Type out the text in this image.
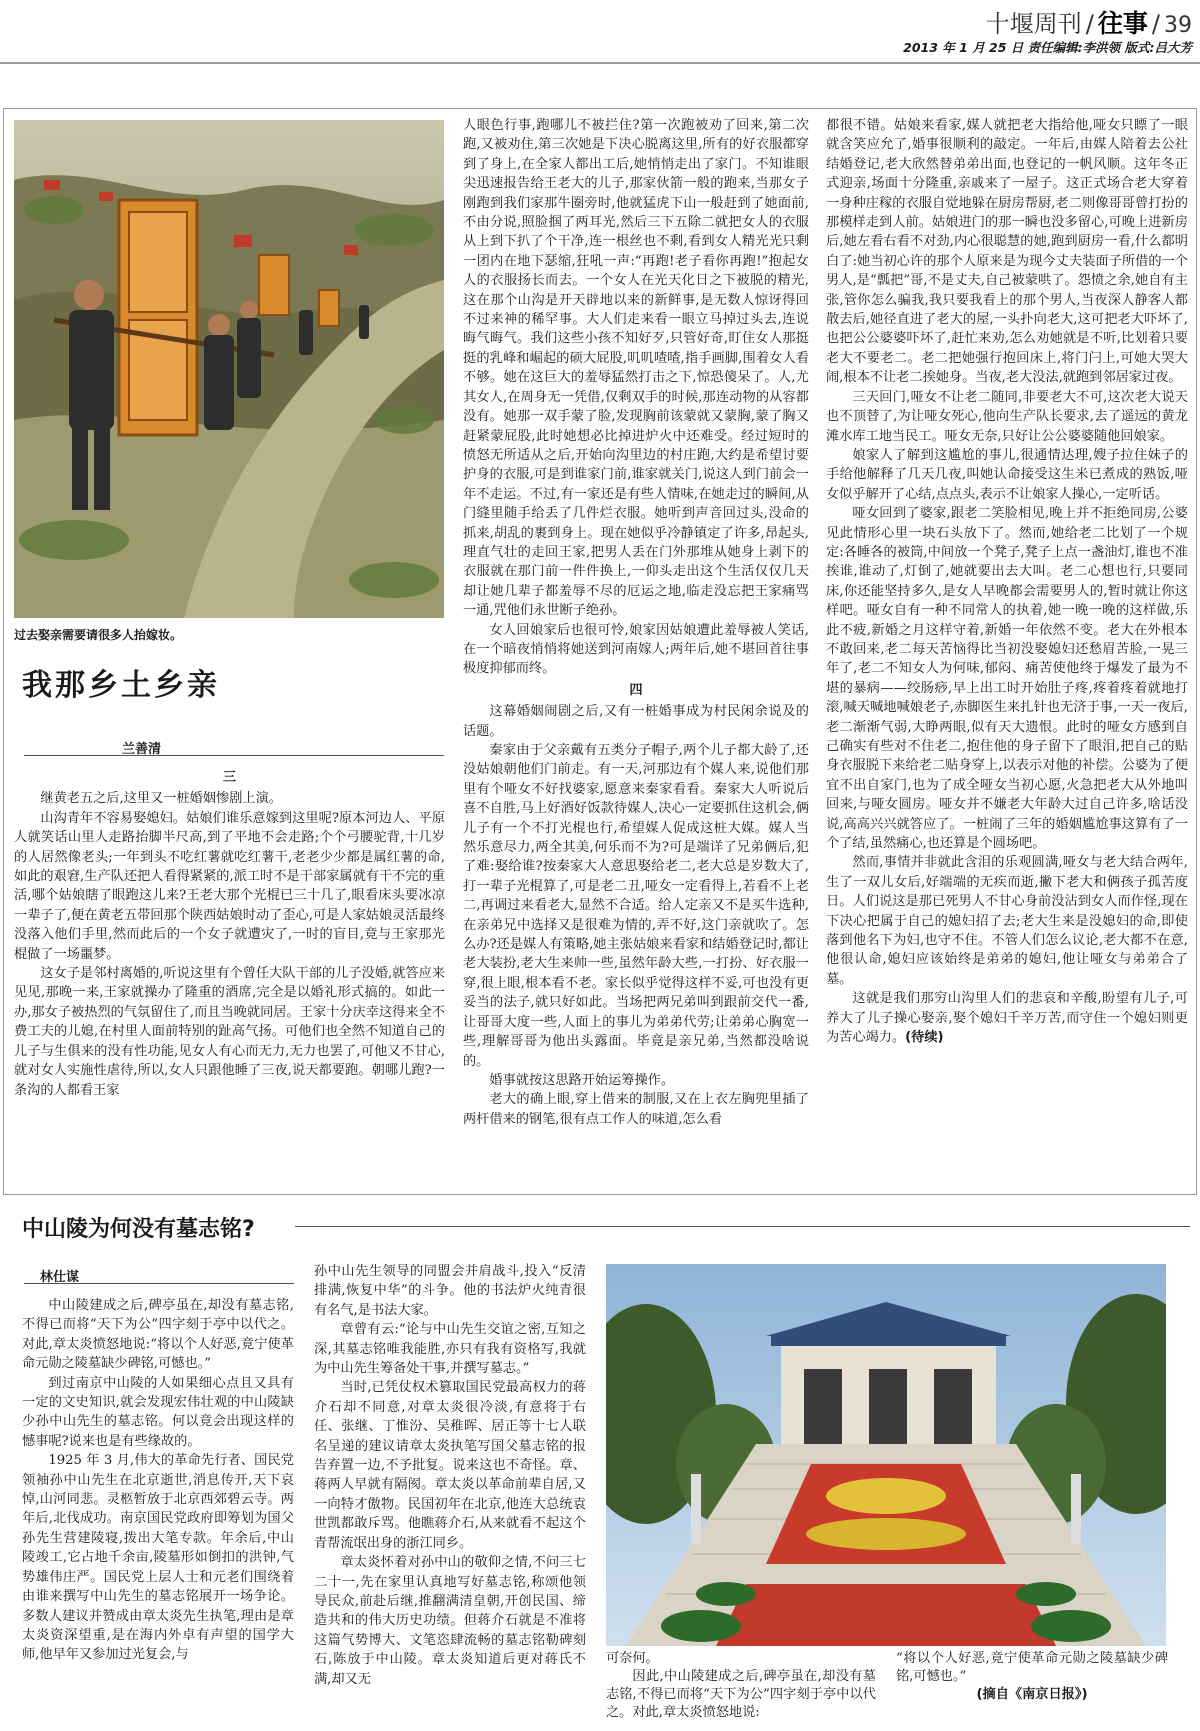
十堰周刊 / 往事 / 39
2013 年 1 月 25 日 责任编辑:李洪领 版式:吕大芳
过去娶亲需要请很多人抬嫁妆。
我那乡土乡亲
兰善清
三

继黄老五之后,这里又一桩婚姻惨剧上演。

山沟青年不容易娶媳妇。姑娘们谁乐意嫁到这里呢?原本河边人、平原人就笑话山里人走路抬脚半尺高,到了平地不会走路;个个弓腰驼背,十几岁的人居然像老头;一年到头不吃红薯就吃红薯干,老老少少都是属红薯的命,如此的艰窘,生产队还把人看得紧紧的,派工时不是干部家属就有干不完的重活,哪个姑娘瞎了眼跑这儿来?王老大那个光棍已三十几了,眼看床头要冰凉一辈子了,便在黄老五带回那个陕西姑娘时动了歪心,可是人家姑娘灵活最终没落入他们手里,然而此后的一个女子就遭灾了,一时的盲目,竟与王家那光棍做了一场噩梦。

这女子是邻村离婚的,听说这里有个曾任大队干部的儿子没婚,就答应来见见,那晚一来,王家就操办了隆重的酒席,完全是以婚礼形式搞的。如此一办,那女子被热烈的气氛留住了,而且当晚就同居。王家十分庆幸这得来全不费工夫的儿媳,在村里人面前特别的趾高气扬。可他们也全然不知道自己的儿子与生俱来的没有性功能,见女人有心而无力,无力也罢了,可他又不甘心,就对女人实施性虐待,所以,女人只跟他睡了三夜,说天都要跑。朝哪儿跑?一条沟的人都看王家

人眼色行事,跑哪儿不被拦住?第一次跑被劝了回来,第二次跑,又被劝住,第三次她是下决心脱离这里,所有的好衣服都穿到了身上,在全家人都出工后,她悄悄走出了家门。不知谁眼尖迅速报告给王老大的儿子,那家伙箭一般的跑来,当那女子刚跑到我们家那牛圈旁时,他就猛虎下山一般赶到了她面前,不由分说,照脸掴了两耳光,然后三下五除二就把女人的衣服从上到下扒了个干净,连一根丝也不剩,看到女人精光光只剩一团内在地下瑟缩,狂吼一声:“再跑!老子看你再跑!”抱起女人的衣服扬长而去。一个女人在光天化日之下被脱的精光,这在那个山沟是开天辟地以来的新鲜事,是无数人惊讶得回不过来神的稀罕事。大人们走来看一眼立马掉过头去,连说晦气晦气。我们这些小孩不知好歹,只管好奇,盯住女人那挺挺的乳峰和崛起的硕大屁股,叽叽喳喳,指手画脚,围着女人看不够。她在这巨大的羞辱猛然打击之下,惊恐傻呆了。人,尤其女人,在周身无一凭借,仅剩双手的时候,那连动物的从容都没有。她那一双手蒙了脸,发现胸前该蒙就又蒙胸,蒙了胸又赶紧蒙屁股,此时她想必比掉进炉火中还难受。经过短时的愤怒无所适从之后,开始向沟里边的村庄跑,大约是希望讨要护身的衣服,可是到谁家门前,谁家就关门,说这人到门前会一年不走运。不过,有一家还是有些人情味,在她走过的瞬间,从门缝里随手给丢了几件烂衣服。她听到声音回过头,没命的抓来,胡乱的裹到身上。现在她似乎冷静镇定了许多,昂起头,理直气壮的走回王家,把男人丢在门外那堆从她身上剥下的衣服就在那门前一件件换上,一仰头走出这个生活仅仅几天却让她几辈子都羞辱不尽的厄运之地,临走没忘把王家痛骂一通,咒他们永世断子绝孙。

女人回娘家后也很可怜,娘家因姑娘遭此羞辱被人笑话,在一个暗夜悄悄将她送到河南嫁人;两年后,她不堪回首往事极度抑郁而终。

四

这幕婚姻闹剧之后,又有一桩婚事成为村民闲余说及的话题。

秦家由于父亲戴有五类分子帽子,两个儿子都大龄了,还没姑娘朝他们门前走。有一天,河那边有个媒人来,说他们那里有个哑女不好找婆家,愿意来秦家看看。秦家大人听说后喜不自胜,马上好酒好饭款待媒人,决心一定要抓住这机会,俩儿子有一个不打光棍也行,希望媒人促成这桩大媒。媒人当然乐意尽力,两全其美,何乐而不为?可是端详了兄弟俩后,犯了难:娶给谁?按秦家大人意思娶给老二,老大总是岁数大了,打一辈子光棍算了,可是老二丑,哑女一定看得上,若看不上老二,再调过来看老大,显然不合适。给人定亲又不是买牛选种,在亲弟兄中选择又是很难为情的,弄不好,这门亲就吹了。怎么办?还是媒人有策略,她主张姑娘来看家和结婚登记时,都让老大装扮,老大生来帅一些,虽然年龄大些,一打扮、好衣服一穿,很上眼,根本看不老。家长似乎觉得这样不妥,可也没有更妥当的法子,就只好如此。当场把两兄弟叫到跟前交代一番,让哥哥大度一些,人面上的事儿为弟弟代劳;让弟弟心胸宽一些,理解哥哥为他出头露面。毕竟是亲兄弟,当然都没啥说的。

婚事就按这思路开始运筹操作。

老大的确上眼,穿上借来的制服,又在上衣左胸兜里插了两杆借来的钢笔,很有点工作人的味道,怎么看

都很不错。姑娘来看家,媒人就把老大指给他,哑女只瞟了一眼就含笑应允了,婚事很顺利的敲定。一年后,由媒人陪着去公社结婚登记,老大欣然替弟弟出面,也登记的一帆风顺。这年冬正式迎亲,场面十分隆重,亲戚来了一屋子。这正式场合老大穿着一身种庄稼的衣服自觉地躲在厨房帮厨,老二则像哥哥曾打扮的那模样走到人前。姑娘进门的那一瞬也没多留心,可晚上进新房后,她左看右看不对劲,内心很聪慧的她,跑到厨房一看,什么都明白了:她当初心许的那个人原来是为现今丈夫装面子所借的一个男人,是“瓢把”哥,不是丈夫,自己被蒙哄了。怨愤之余,她自有主张,管你怎么骗我,我只要我看上的那个男人,当夜深人静客人都散去后,她径直进了老大的屋,一头扑向老大,这可把老大吓坏了,也把公公婆婆吓坏了,赶忙来劝,怎么劝她就是不听,比划着只要老大不要老二。老二把她强行抱回床上,将门闩上,可她大哭大闹,根本不让老二挨她身。当夜,老大没法,就跑到邻居家过夜。

三天回门,哑女不让老二随同,非要老大不可,这次老大说天也不顶替了,为让哑女死心,他向生产队长要求,去了遥远的黄龙滩水库工地当民工。哑女无奈,只好让公公婆婆随他回娘家。

娘家人了解到这尴尬的事儿,很通情达理,嫂子拉住妹子的手给他解释了几天几夜,叫她认命接受这生米已煮成的熟饭,哑女似乎解开了心结,点点头,表示不让娘家人操心,一定听话。

哑女回到了婆家,跟老二笑脸相见,晚上并不拒绝同房,公婆见此情形心里一块石头放下了。然而,她给老二比划了一个规定:各睡各的被筒,中间放一个凳子,凳子上点一盏油灯,谁也不准挨谁,谁动了,灯倒了,她就要出去大叫。老二心想也行,只要同床,你还能坚持多久,是女人早晚都会需要男人的,暂时就让你这样吧。哑女自有一种不同常人的执着,她一晚一晚的这样做,乐此不疲,新婚之月这样守着,新婚一年依然不变。老大在外根本不敢回来,老二每天苦恼得比当初没娶媳妇还愁眉苦脸,一晃三年了,老二不知女人为何味,郁闷、痛苦使他终于爆发了最为不堪的暴病——绞肠痧,早上出工时开始肚子疼,疼着疼着就地打滚,喊天喊地喊娘老子,赤脚医生来扎针也无济于事,一天一夜后,老二渐渐气弱,大睁两眼,似有天大遗恨。此时的哑女方感到自己确实有些对不住老二,抱住他的身子留下了眼泪,把自己的贴身衣服脱下来给老二贴身穿上,以表示对他的补偿。公婆为了便宜不出自家门,也为了成全哑女当初心愿,火急把老大从外地叫回来,与哑女圆房。哑女并不嫌老大年龄大过自己许多,啥话没说,高高兴兴就答应了。一桩闹了三年的婚姻尴尬事这算有了一个了结,虽然痛心,也还算是个圆场吧。

然而,事情并非就此含泪的乐观圆满,哑女与老大结合两年,生了一双儿女后,好端端的无疾而逝,撇下老大和俩孩子孤苦度日。人们说这是那已死男人不甘心身前没沾到女人而作怪,现在下决心把属于自己的媳妇招了去;老大生来是没媳妇的命,即使落到他名下为妇,也守不住。不管人们怎么议论,老大都不在意,他很认命,媳妇应该始终是弟弟的媳妇,他让哑女与弟弟合了墓。

这就是我们那穷山沟里人们的悲哀和辛酸,盼望有儿子,可养大了儿子操心娶亲,娶个媳妇千辛万苦,而守住一个媳妇则更为苦心竭力。(待续)

中山陵为何没有墓志铭?
林仕谋

中山陵建成之后,碑亭虽在,却没有墓志铭,不得已而将“天下为公”四字刻于亭中以代之。对此,章太炎愤怒地说:“将以个人好恶,竟宁使革命元勋之陵墓缺少碑铭,可憾也。”

到过南京中山陵的人如果细心点且又具有一定的文史知识,就会发现宏伟壮观的中山陵缺少孙中山先生的墓志铭。何以竟会出现这样的憾事呢?说来也是有些缘故的。

1925 年 3 月,伟大的革命先行者、国民党领袖孙中山先生在北京逝世,消息传开,天下哀悼,山河同悲。灵柩暂放于北京西郊碧云寺。两年后,北伐成功。南京国民党政府即筹划为国父孙先生营建陵寝,拨出大笔专款。年余后,中山陵竣工,它占地千余亩,陵墓形如倒扣的洪钟,气势雄伟庄严。国民党上层人士和元老们围绕着由谁来撰写中山先生的墓志铭展开一场争论。多数人建议并赞成由章太炎先生执笔,理由是章太炎资深望重,是在海内外卓有声望的国学大师,他早年又参加过光复会,与

孙中山先生领导的同盟会并肩战斗,投入“反清排满,恢复中华”的斗争。他的书法炉火纯青很有名气,是书法大家。

章曾有云:“论与中山先生交谊之密,互知之深,其墓志铭唯我能胜,亦只有我有资格写,我就为中山先生筹备处干事,并撰写墓志。”

当时,已凭仗权术篡取国民党最高权力的蒋介石却不同意,对章太炎很冷淡,有意将于右任、张继、丁惟汾、吴稚晖、居正等十七人联名呈递的建议请章太炎执笔写国父墓志铭的报告弃置一边,不予批复。说来这也不奇怪。章、蒋两人早就有隔阂。章太炎以革命前辈自居,又一向特才傲物。民国初年在北京,他连大总统袁世凯都敢斥骂。他瞧蒋介石,从来就看不起这个青帮流氓出身的浙江同乡。

章太炎怀着对孙中山的敬仰之情,不问三七二十一,先在家里认真地写好墓志铭,称颂他领导民众,前赴后继,推翻满清皇朝,开创民国、缔造共和的伟大历史功绩。但蒋介石就是不准将这篇气势博大、文笔恣肆流畅的墓志铭勒碑刻石,陈放于中山陵。章太炎知道后更对蒋氏不满,却又无

可奈何。

因此,中山陵建成之后,碑亭虽在,却没有墓志铭,不得已而将“天下为公”四字刻于亭中以代之。对此,章太炎愤怒地说:

“将以个人好恶,竟宁使革命元勋之陵墓缺少碑铭,可憾也。”

(摘自《南京日报》)
